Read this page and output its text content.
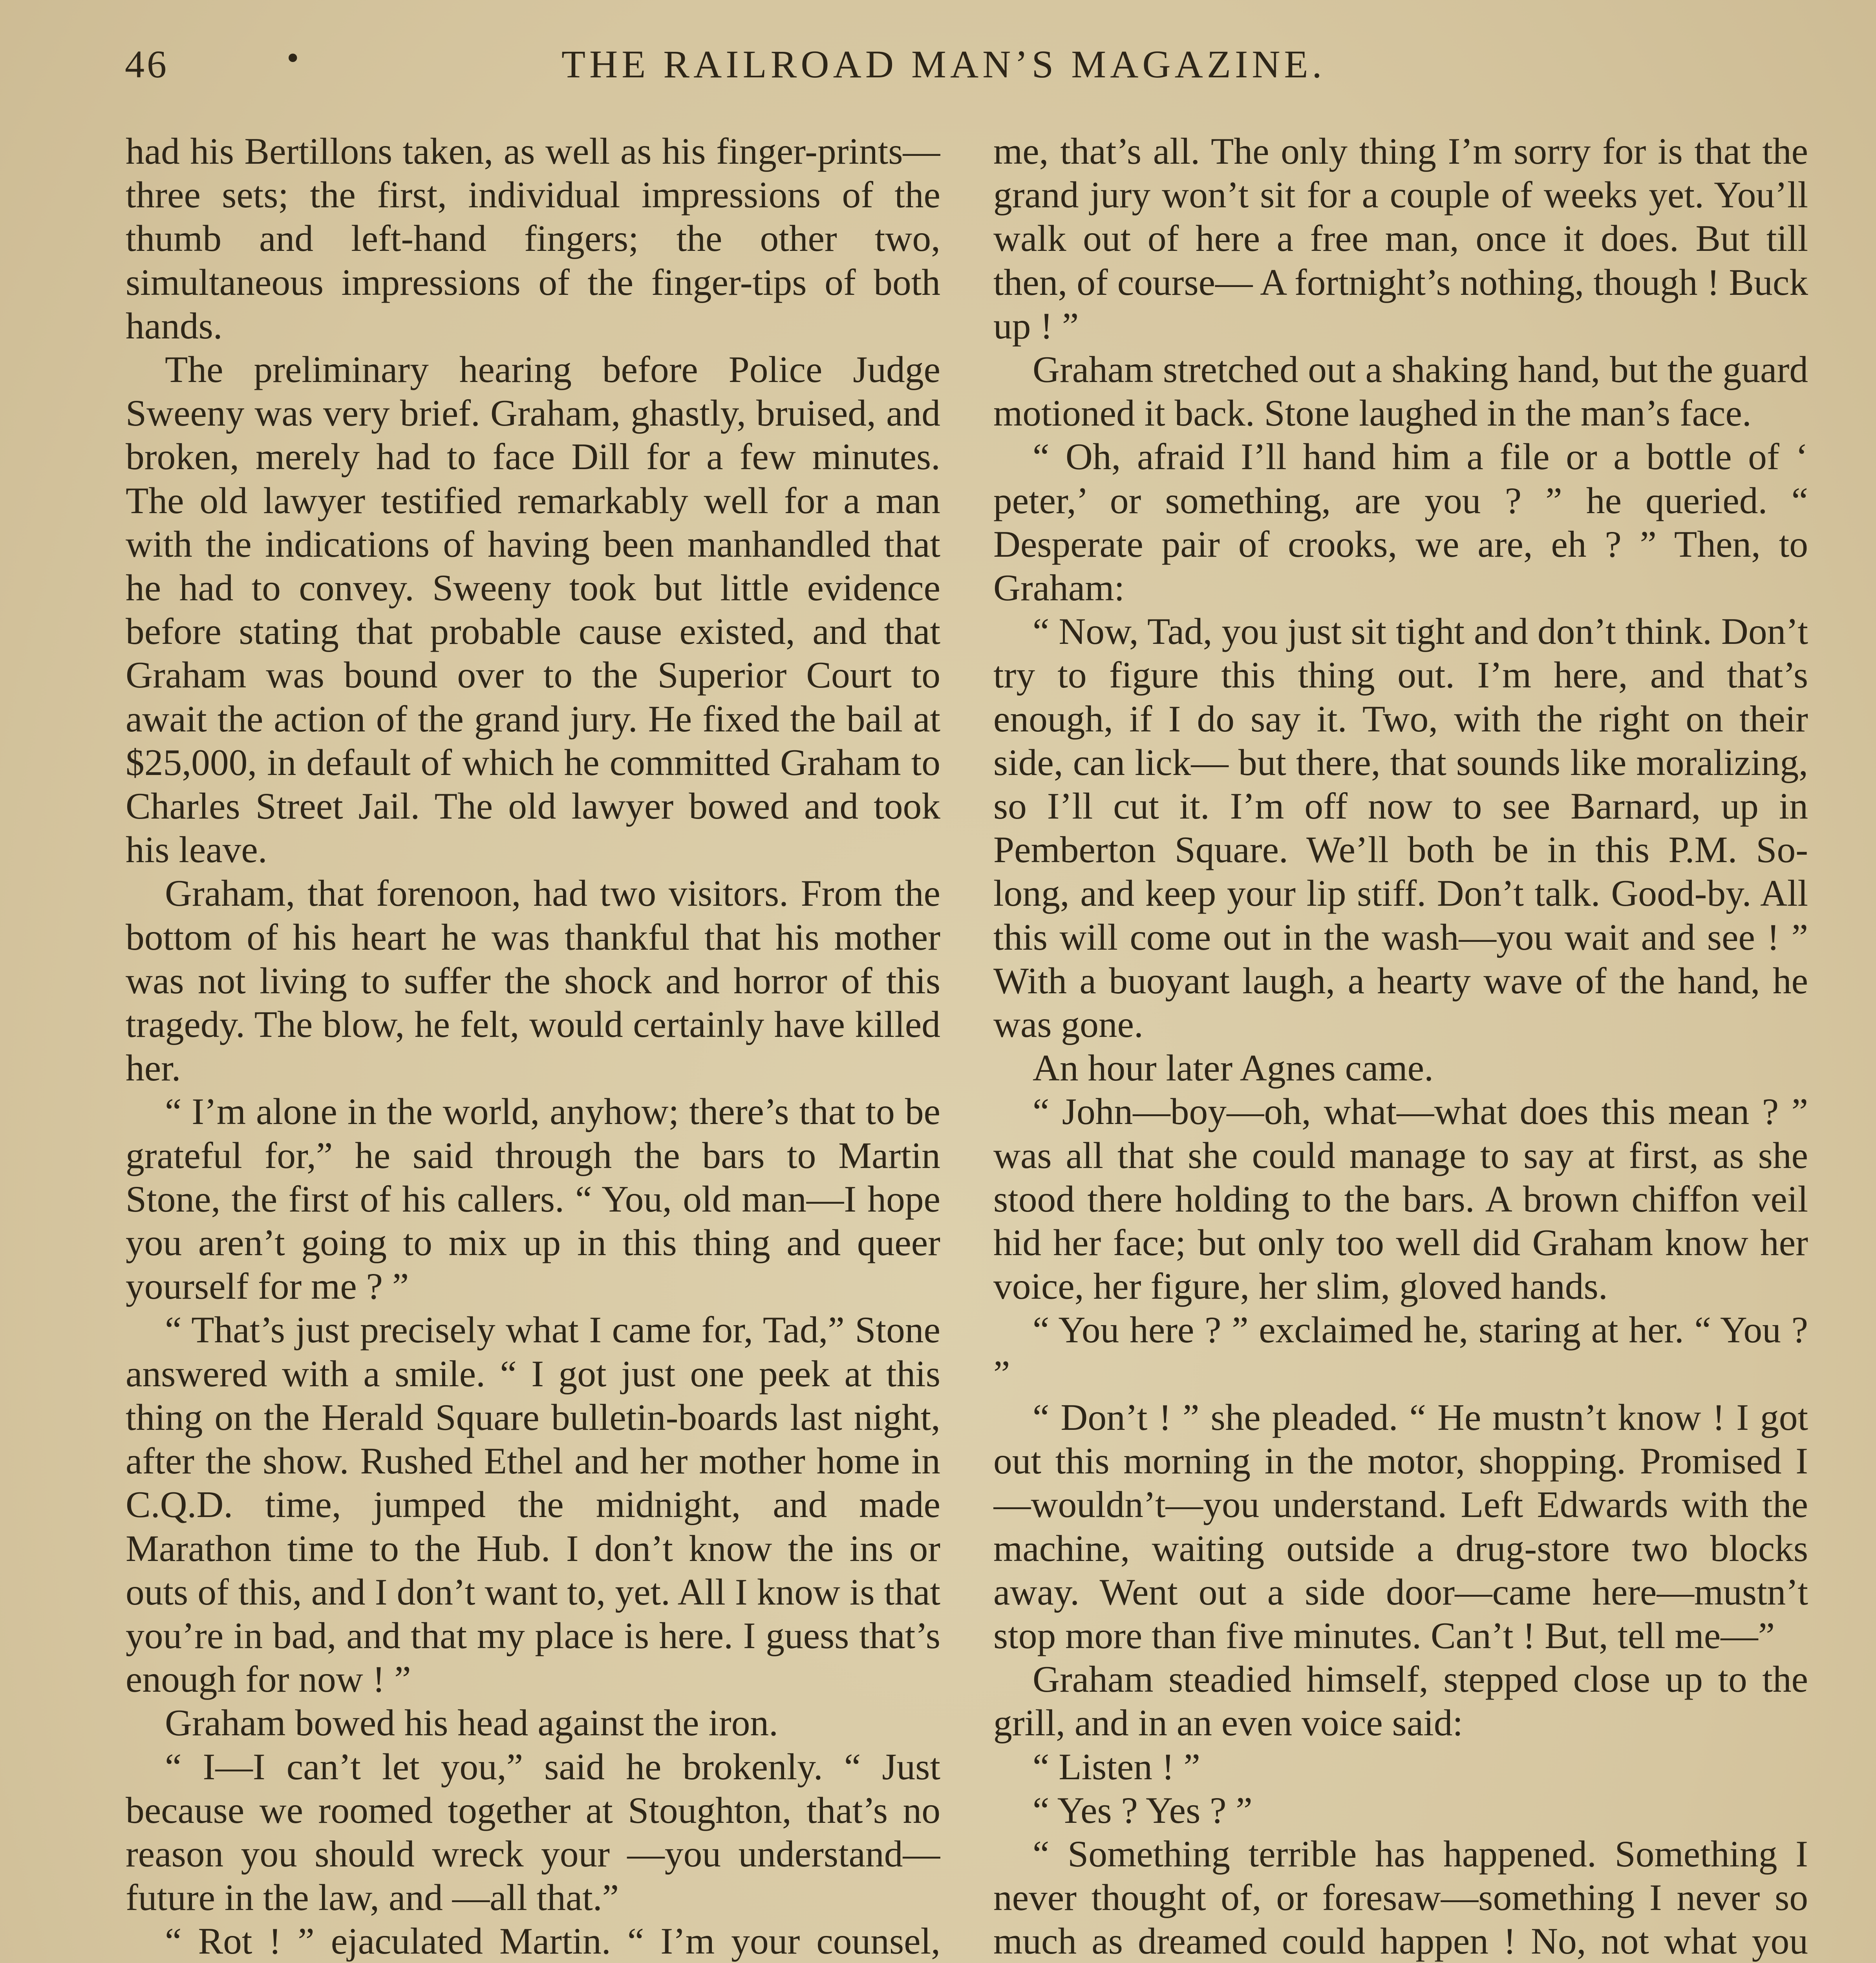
46	•	THE RAILROAD MAN’S MAGAZINE.

had his Bertillons taken, as well as his finger-prints—three sets; the first, individual impressions of the thumb and left-hand fingers; the other two, simultaneous impressions of the finger-tips of both hands.

The preliminary hearing before Police Judge Sweeny was very brief. Graham, ghastly, bruised, and broken, merely had to face Dill for a few minutes. The old lawyer testified remarkably well for a man with the indications of having been manhandled that he had to convey. Sweeny took but little evidence before stating that probable cause existed, and that Graham was bound over to the Superior Court to await the action of the grand jury. He fixed the bail at $25,000, in default of which he committed Graham to Charles Street Jail. The old lawyer bowed and took his leave.

Graham, that forenoon, had two visitors. From the bottom of his heart he was thankful that his mother was not living to suffer the shock and horror of this tragedy. The blow, he felt, would certainly have killed her.

“ I’m alone in the world, anyhow; there’s that to be grateful for,” he said through the bars to Martin Stone, the first of his callers. “ You, old man—I hope you aren’t going to mix up in this thing and queer yourself for me ? ”

“ That’s just precisely what I came for, Tad,” Stone answered with a smile. “ I got just one peek at this thing on the Herald Square bulletin-boards last night, after the show. Rushed Ethel and her mother home in C.Q.D. time, jumped the midnight, and made Marathon time to the Hub. I don’t know the ins or outs of this, and I don’t want to, yet. All I know is that you’re in bad, and that my place is here. I guess that’s enough for now ! ”

Graham bowed his head against the iron.

“ I—I can’t let you,” said he brokenly. “ Just because we roomed together at Stoughton, that’s no reason you should wreck your —you understand—future in the law, and —all that.”

“ Rot ! ” ejaculated Martin. “ I’m your counsel,

me, that’s all. The only thing I’m sorry for is that the grand jury won’t sit for a couple of weeks yet. You’ll walk out of here a free man, once it does. But till then, of course— A fortnight’s nothing, though ! Buck up ! ”

Graham stretched out a shaking hand, but the guard motioned it back. Stone laughed in the man’s face.

“ Oh, afraid I’ll hand him a file or a bottle of ‘ peter,’ or something, are you ? ” he queried. “ Desperate pair of crooks, we are, eh ? ” Then, to Graham:

“ Now, Tad, you just sit tight and don’t think. Don’t try to figure this thing out. I’m here, and that’s enough, if I do say it. Two, with the right on their side, can lick— but there, that sounds like moralizing, so I’ll cut it. I’m off now to see Barnard, up in Pemberton Square. We’ll both be in this P.M. So-long, and keep your lip stiff. Don’t talk. Good-by. All this will come out in the wash—you wait and see ! ” With a buoyant laugh, a hearty wave of the hand, he was gone.

An hour later Agnes came.

“ John—boy—oh, what—what does this mean ? ” was all that she could manage to say at first, as she stood there holding to the bars. A brown chiffon veil hid her face; but only too well did Graham know her voice, her figure, her slim, gloved hands.

“ You here ? ” exclaimed he, staring at her. “ You ? ”

“ Don’t ! ” she pleaded. “ He mustn’t know ! I got out this morning in the motor, shopping. Promised I—wouldn’t—you understand. Left Edwards with the machine, waiting outside a drug-store two blocks away. Went out a side door—came here—mustn’t stop more than five minutes. Can’t ! But, tell me—”

Graham steadied himself, stepped close up to the grill, and in an even voice said:

“ Listen ! ”

“ Yes ? Yes ? ”

“ Something terrible has happened. Something I never thought of, or foresaw—something I never so much as dreamed could happen ! No, not what you
